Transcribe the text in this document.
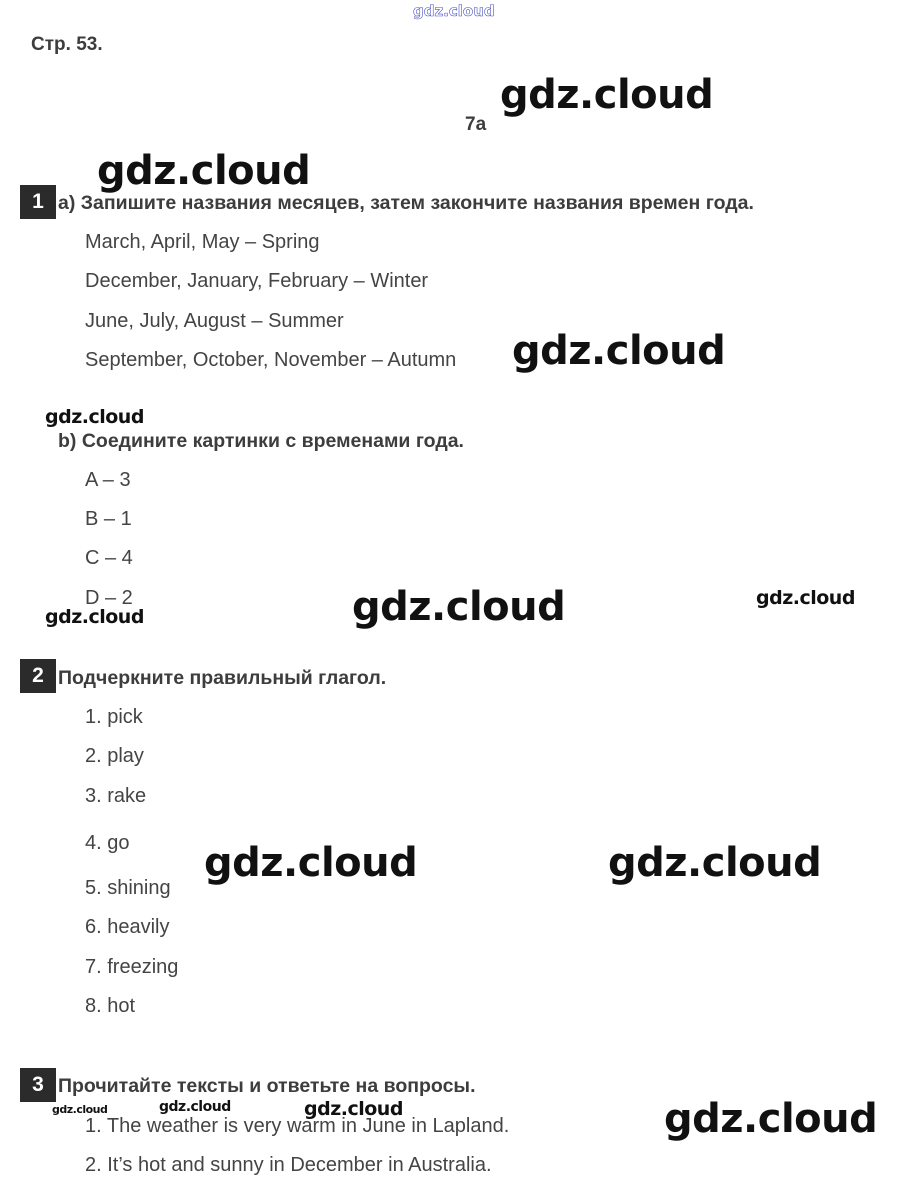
gdz.cloud
Стр. 53.
7a
1 a) Запишите названия месяцев, затем закончите названия времен года.
March, April, May – Spring
December, January, February – Winter
June, July, August – Summer
September, October, November – Autumn
b) Соедините картинки с временами года.
A – 3
B – 1
C – 4
D – 2
2 Подчеркните правильный глагол.
1. pick
2. play
3. rake
4. go
5. shining
6. heavily
7. freezing
8. hot
3 Прочитайте тексты и ответьте на вопросы.
1. The weather is very warm in June in Lapland.
2. It’s hot and sunny in December in Australia.
gdz.cloud
gdz.cloud
gdz.cloud
gdz.cloud
gdz.cloud	gdz.cloud
gdz.cloud
gdz.cloud	gdz.cloud
gdz.cloud
gdz.cloud	gdz.cloud	gdz.cloud
